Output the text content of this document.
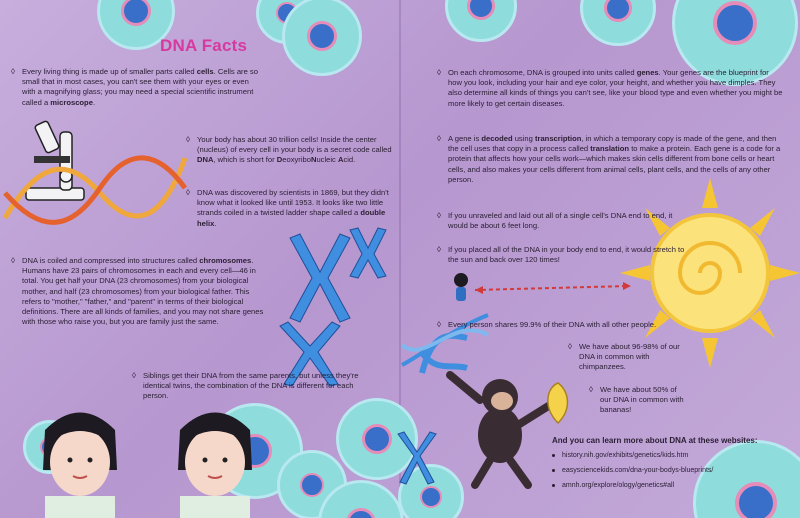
DNA Facts
◊ Every living thing is made up of smaller parts called cells. Cells are so small that in most cases, you can't see them with your eyes or even with a magnifying glass; you may need a special scientific instrument called a microscope.
◊ Your body has about 30 trillion cells! Inside the center (nucleus) of every cell in your body is a secret code called DNA, which is short for DeoxyriboNucleic Acid.
◊ DNA was discovered by scientists in 1869, but they didn't know what it looked like until 1953. It looks like two little strands coiled in a twisted ladder shape called a double helix.
◊ DNA is coiled and compressed into structures called chromosomes. Humans have 23 pairs of chromosomes in each and every cell—46 in total. You get half your DNA (23 chromosomes) from your biological mother, and half (23 chromosomes) from your biological father. This refers to "mother," "father," and "parent" in terms of their biological definitions. There are all kinds of families, and you may not share genes with those who raise you, but you are family just the same.
◊ Siblings get their DNA from the same parents, but unless they're identical twins, the combination of the DNA is different for each person.
◊ On each chromosome, DNA is grouped into units called genes. Your genes are the blueprint for how you look, including your hair and eye color, your height, and whether you have dimples. They also determine all kinds of things you can't see, like your blood type and even whether you might be more likely to get certain diseases.
◊ A gene is decoded using transcription, in which a temporary copy is made of the gene, and then the cell uses that copy in a process called translation to make a protein. Each gene is a code for a protein that affects how your cells work—which makes skin cells different from bone cells or heart cells, and also makes your cells different from animal cells, plant cells, and the cells of any other person.
◊ If you unraveled and laid out all of a single cell's DNA end to end, it would be about 6 feet long.
◊ If you placed all of the DNA in your body end to end, it would stretch to the sun and back over 120 times!
◊ Every person shares 99.9% of their DNA with all other people.
◊ We have about 96-98% of our DNA in common with chimpanzees.
◊ We have about 50% of our DNA in common with bananas!
And you can learn more about DNA at these websites:
history.nih.gov/exhibits/genetics/kids.htm
easysciencekids.com/dna-your-bodys-blueprints/
amnh.org/explore/ology/genetics#all
